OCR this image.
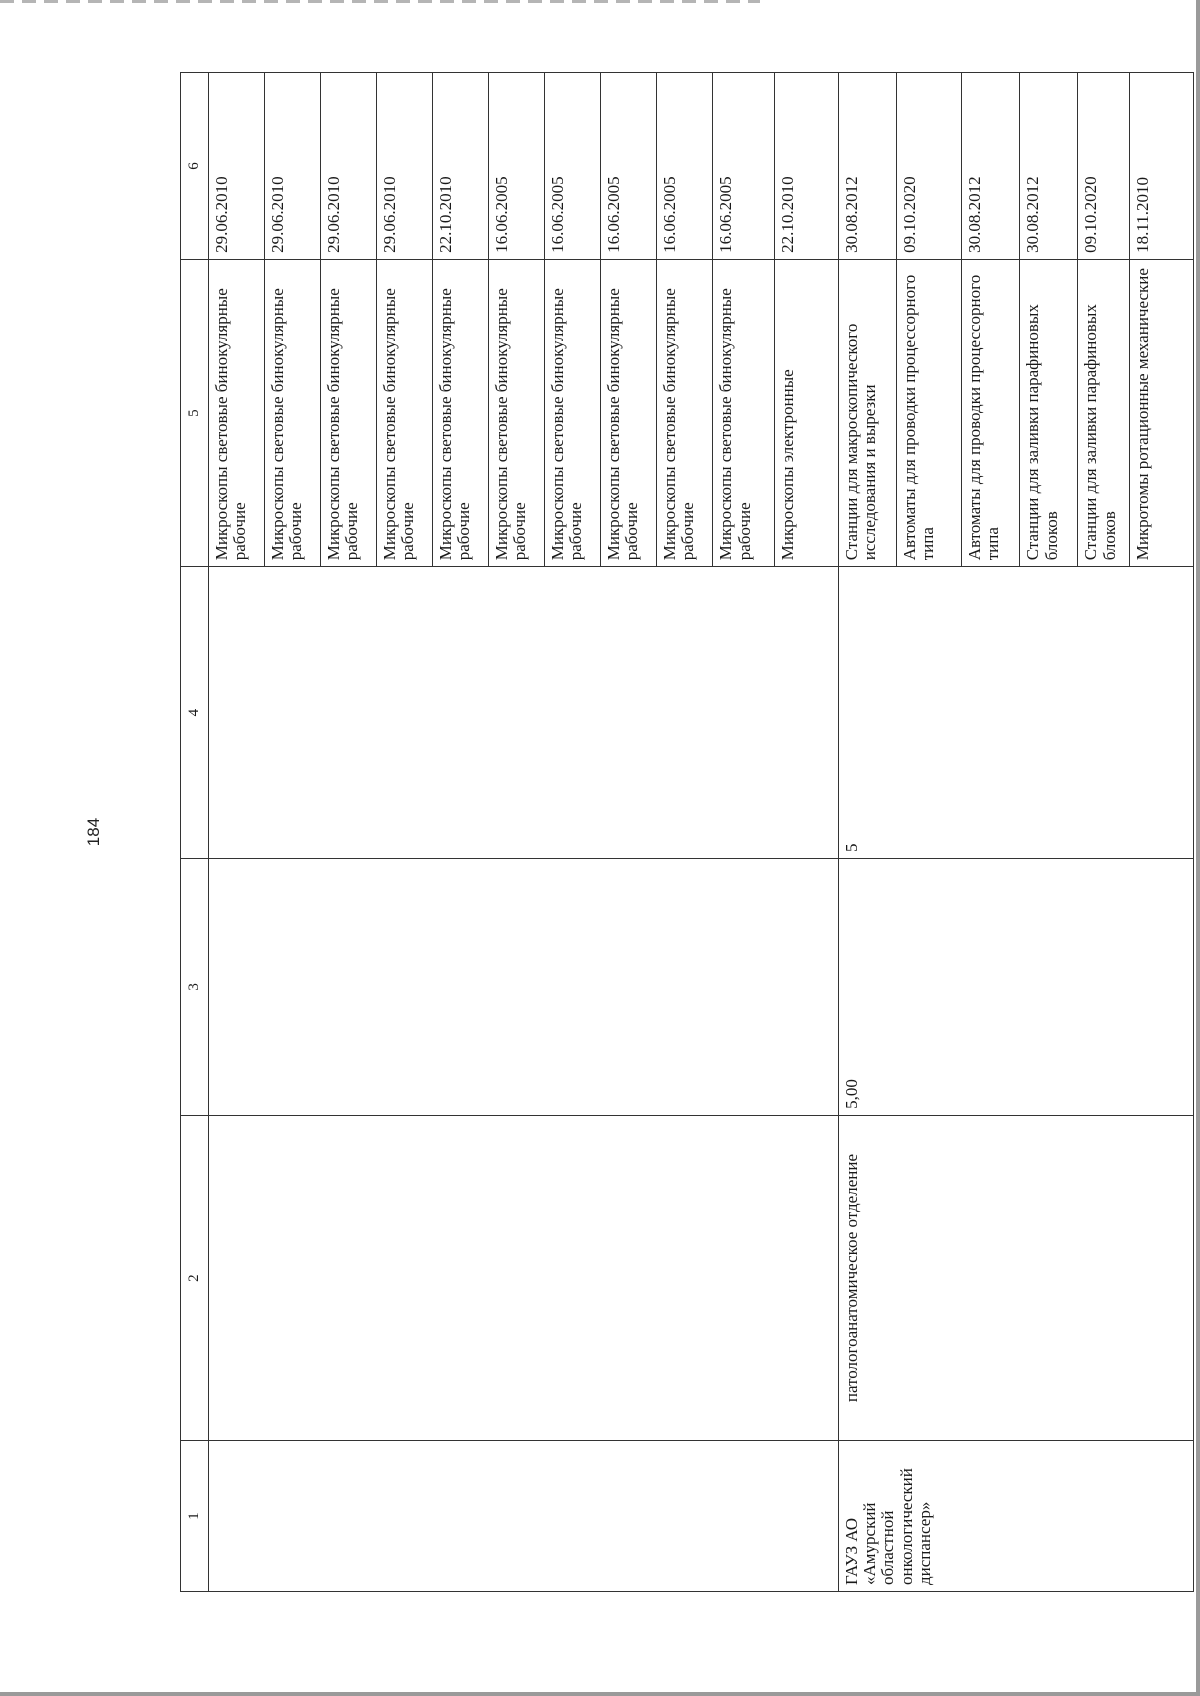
184
1	2	3	4	5	6
				Микроскопы световые бинокулярные рабочие	29.06.2010
				Микроскопы световые бинокулярные рабочие	29.06.2010
				Микроскопы световые бинокулярные рабочие	29.06.2010
				Микроскопы световые бинокулярные рабочие	29.06.2010
				Микроскопы световые бинокулярные рабочие	22.10.2010
				Микроскопы световые бинокулярные рабочие	16.06.2005
				Микроскопы световые бинокулярные рабочие	16.06.2005
				Микроскопы световые бинокулярные рабочие	16.06.2005
				Микроскопы световые бинокулярные рабочие	16.06.2005
				Микроскопы световые бинокулярные рабочие	16.06.2005
				Микроскопы электронные	22.10.2010
ГАУЗ АО «Амурский областной онкологический диспансер»	патологоанатомическое отделение	5,00	5	Станции для макроскопического исследования и вырезки	30.08.2012
				Автоматы для проводки процессорного типа	09.10.2020
				Автоматы для проводки процессорного типа	30.08.2012
				Станции для заливки парафиновых блоков	30.08.2012
				Станции для заливки парафиновых блоков	09.10.2020
				Микротомы ротационные механические	18.11.2010
